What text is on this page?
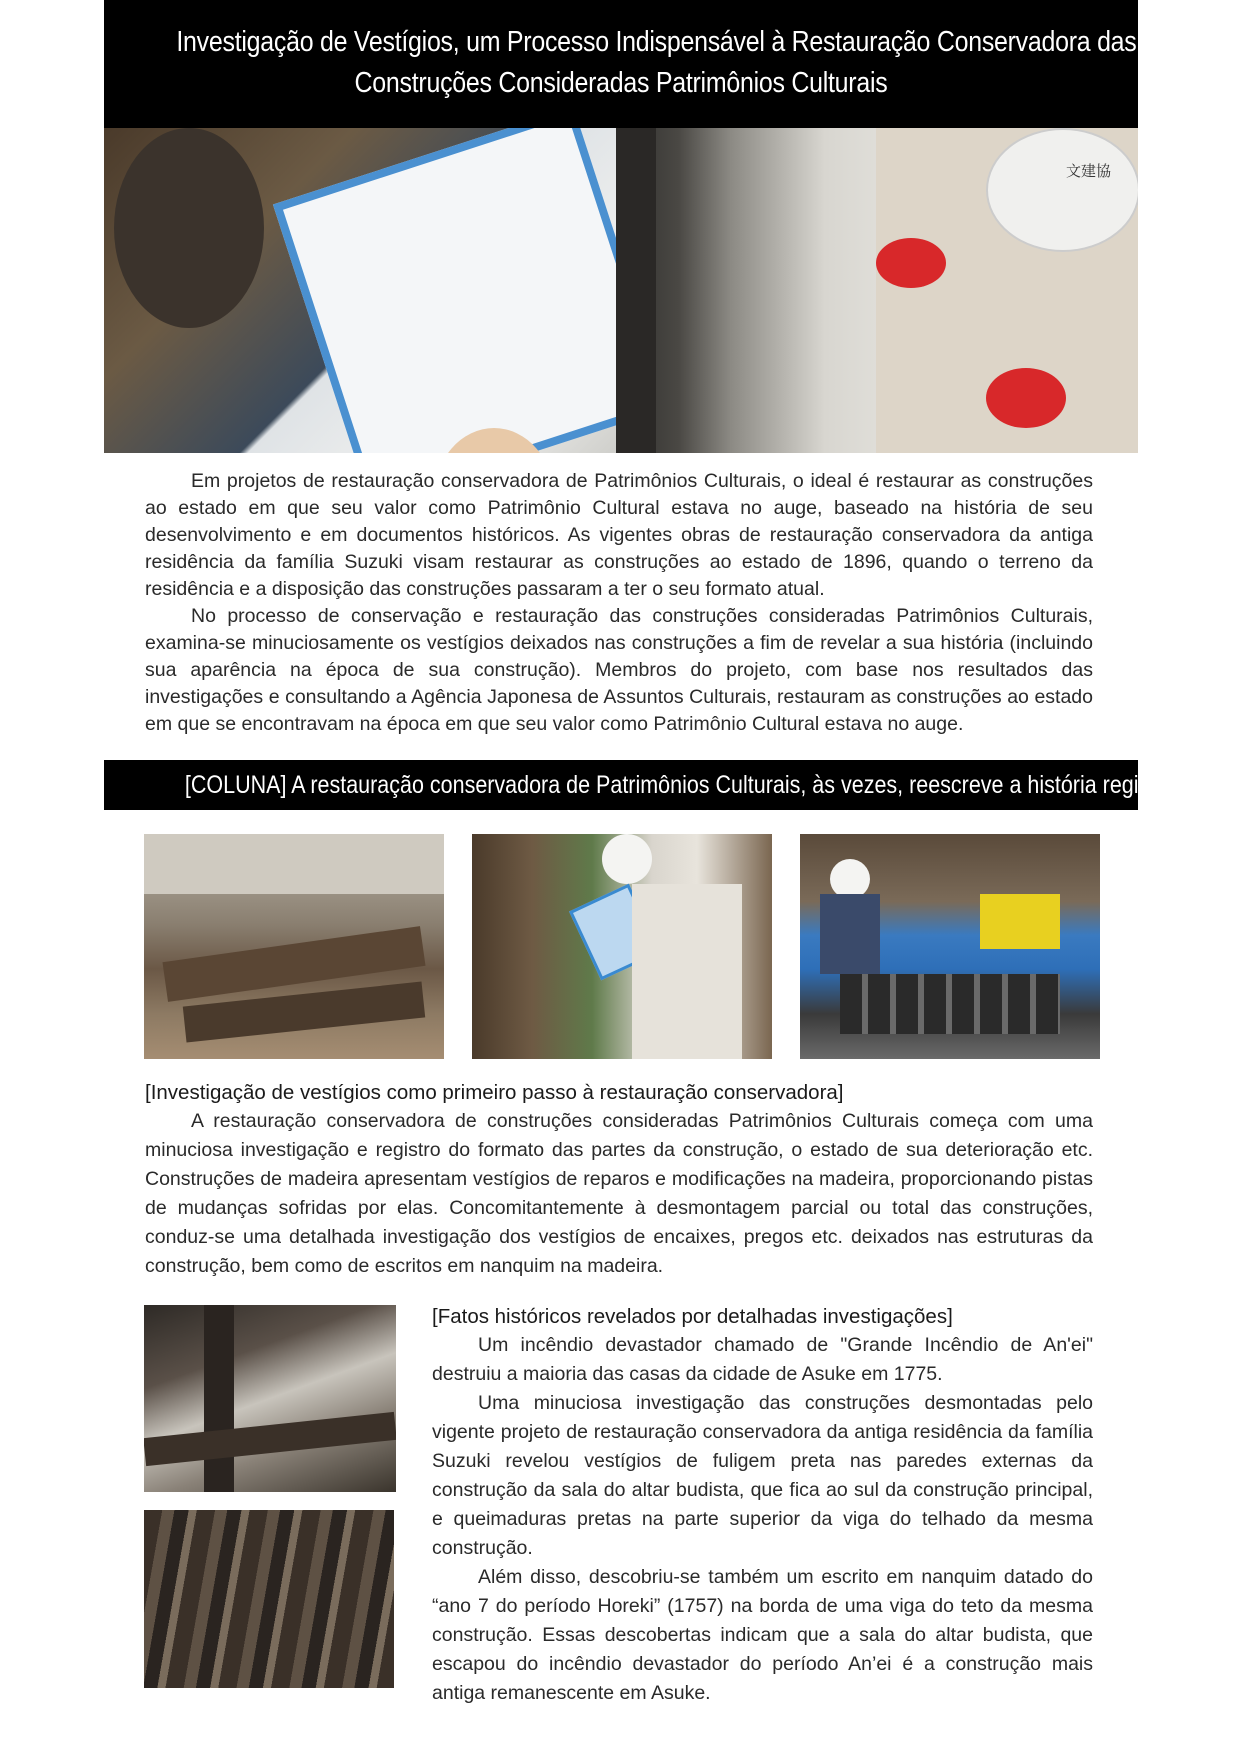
Investigação de Vestígios, um Processo Indispensável à Restauração Conservadora das
Construções Consideradas Patrimônios Culturais
文建協

Em projetos de restauração conservadora de Patrimônios Culturais, o ideal é restaurar as construções ao estado em que seu valor como Patrimônio Cultural estava no auge, baseado na história de seu desenvolvimento e em documentos históricos. As vigentes obras de restauração conservadora da antiga residência da família Suzuki visam restaurar as construções ao estado de 1896, quando o terreno da residência e a disposição das construções passaram a ter o seu formato atual.

No processo de conservação e restauração das construções consideradas Patrimônios Culturais, examina-se minuciosamente os vestígios deixados nas construções a fim de revelar a sua história (incluindo sua aparência na época de sua construção). Membros do projeto, com base nos resultados das investigações e consultando a Agência Japonesa de Assuntos Culturais, restauram as construções ao estado em que se encontravam na época em que seu valor como Patrimônio Cultural estava no auge.

[COLUNA] A restauração conservadora de Patrimônios Culturais, às vezes, reescreve a história regional
[Investigação de vestígios como primeiro passo à restauração conservadora]

A restauração conservadora de construções consideradas Patrimônios Culturais começa com uma minuciosa investigação e registro do formato das partes da construção, o estado de sua deterioração etc. Construções de madeira apresentam vestígios de reparos e modificações na madeira, proporcionando pistas de mudanças sofridas por elas. Concomitantemente à desmontagem parcial ou total das construções, conduz-se uma detalhada investigação dos vestígios de encaixes, pregos etc. deixados nas estruturas da construção, bem como de escritos em nanquim na madeira.

[Fatos históricos revelados por detalhadas investigações]

Um incêndio devastador chamado de "Grande Incêndio de An'ei" destruiu a maioria das casas da cidade de Asuke em 1775.

Uma minuciosa investigação das construções desmontadas pelo vigente projeto de restauração conservadora da antiga residência da família Suzuki revelou vestígios de fuligem preta nas paredes externas da construção da sala do altar budista, que fica ao sul da construção principal, e queimaduras pretas na parte superior da viga do telhado da mesma construção.

Além disso, descobriu-se também um escrito em nanquim datado do “ano 7 do período Horeki” (1757) na borda de uma viga do teto da mesma construção. Essas descobertas indicam que a sala do altar budista, que escapou do incêndio devastador do período An’ei é a construção mais antiga remanescente em Asuke.
